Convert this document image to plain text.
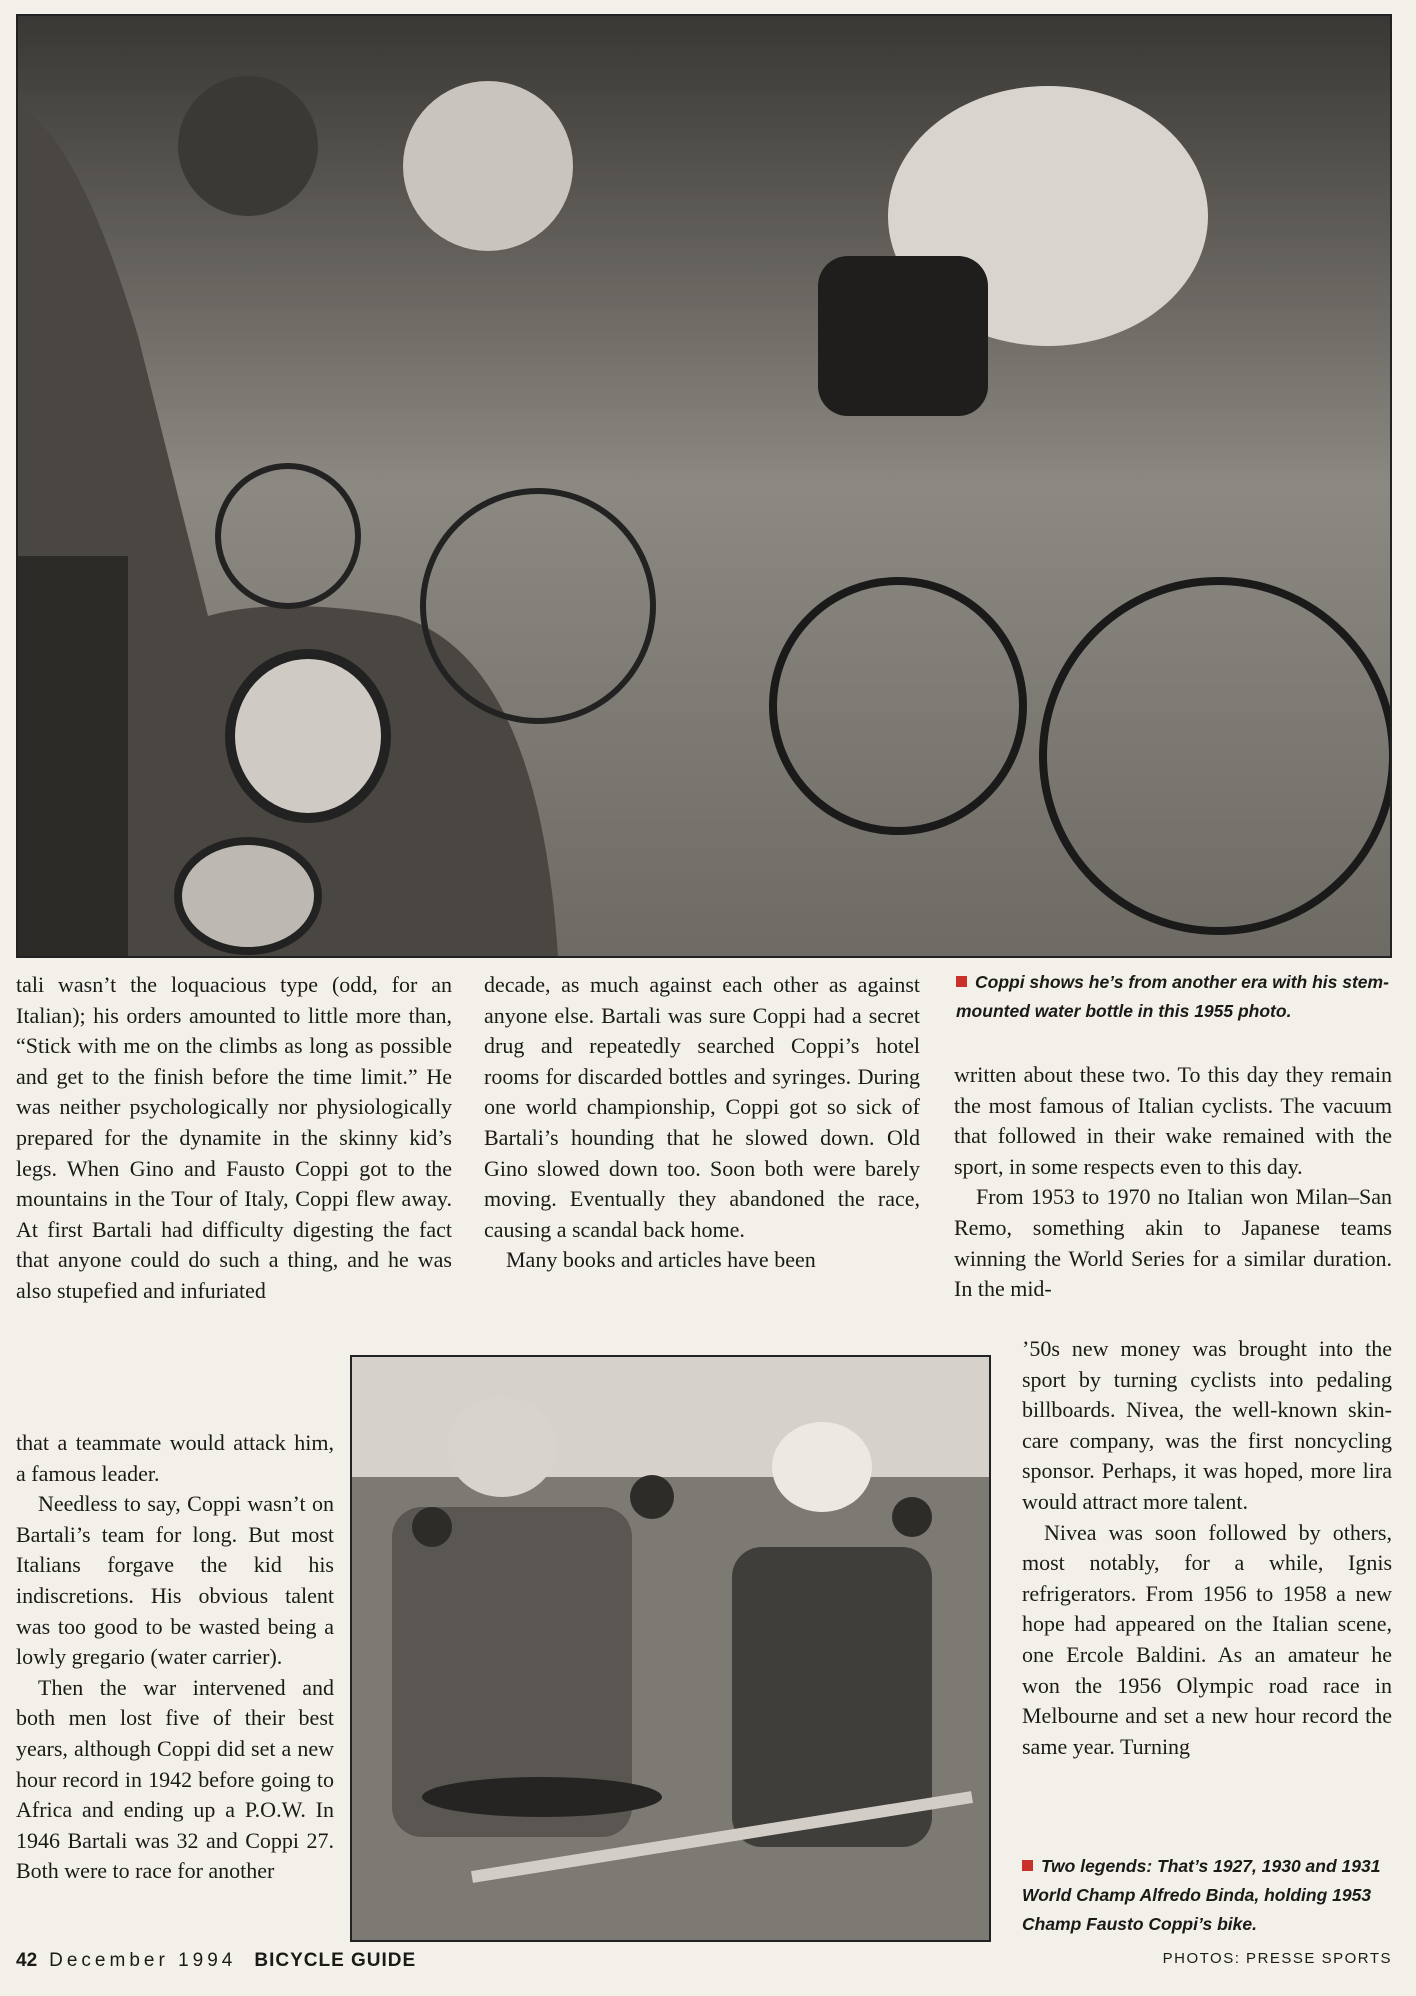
Coppi shows he’s from another era with his stem-mounted water bottle in this 1955 photo.

tali wasn’t the loquacious type (odd, for an Italian); his orders amounted to little more than, “Stick with me on the climbs as long as possible and get to the finish before the time limit.” He was neither psychologically nor physiologically prepared for the dynamite in the skinny kid’s legs. When Gino and Fausto Coppi got to the mountains in the Tour of Italy, Coppi flew away. At first Bartali had difficulty digesting the fact that anyone could do such a thing, and he was also stupefied and infuriated

that a teammate would attack him, a famous leader.

Needless to say, Coppi wasn’t on Bartali’s team for long. But most Italians forgave the kid his indiscretions. His obvious talent was too good to be wasted being a lowly gregario (water carrier).

Then the war intervened and both men lost five of their best years, although Coppi did set a new hour record in 1942 before going to Africa and ending up a P.O.W. In 1946 Bartali was 32 and Coppi 27. Both were to race for another

decade, as much against each other as against anyone else. Bartali was sure Coppi had a secret drug and repeatedly searched Coppi’s hotel rooms for discarded bottles and syringes. During one world championship, Coppi got so sick of Bartali’s hounding that he slowed down. Old Gino slowed down too. Soon both were barely moving. Eventually they abandoned the race, causing a scandal back home.

Many books and articles have been

written about these two. To this day they remain the most famous of Italian cyclists. The vacuum that followed in their wake remained with the sport, in some respects even to this day.

From 1953 to 1970 no Italian won Milan–San Remo, something akin to Japanese teams winning the World Series for a similar duration. In the mid-

’50s new money was brought into the sport by turning cyclists into pedaling billboards. Nivea, the well-known skin-care company, was the first noncycling sponsor. Perhaps, it was hoped, more lira would attract more talent.

Nivea was soon followed by others, most notably, for a while, Ignis refrigerators. From 1956 to 1958 a new hope had appeared on the Italian scene, one Ercole Baldini. As an amateur he won the 1956 Olympic road race in Melbourne and set a new hour record the same year. Turning

Two legends: That’s 1927, 1930 and 1931 World Champ Alfredo Binda, holding 1953 Champ Fausto Coppi’s bike.
42 December 1994 BICYCLE GUIDE	PHOTOS: PRESSE SPORTS
